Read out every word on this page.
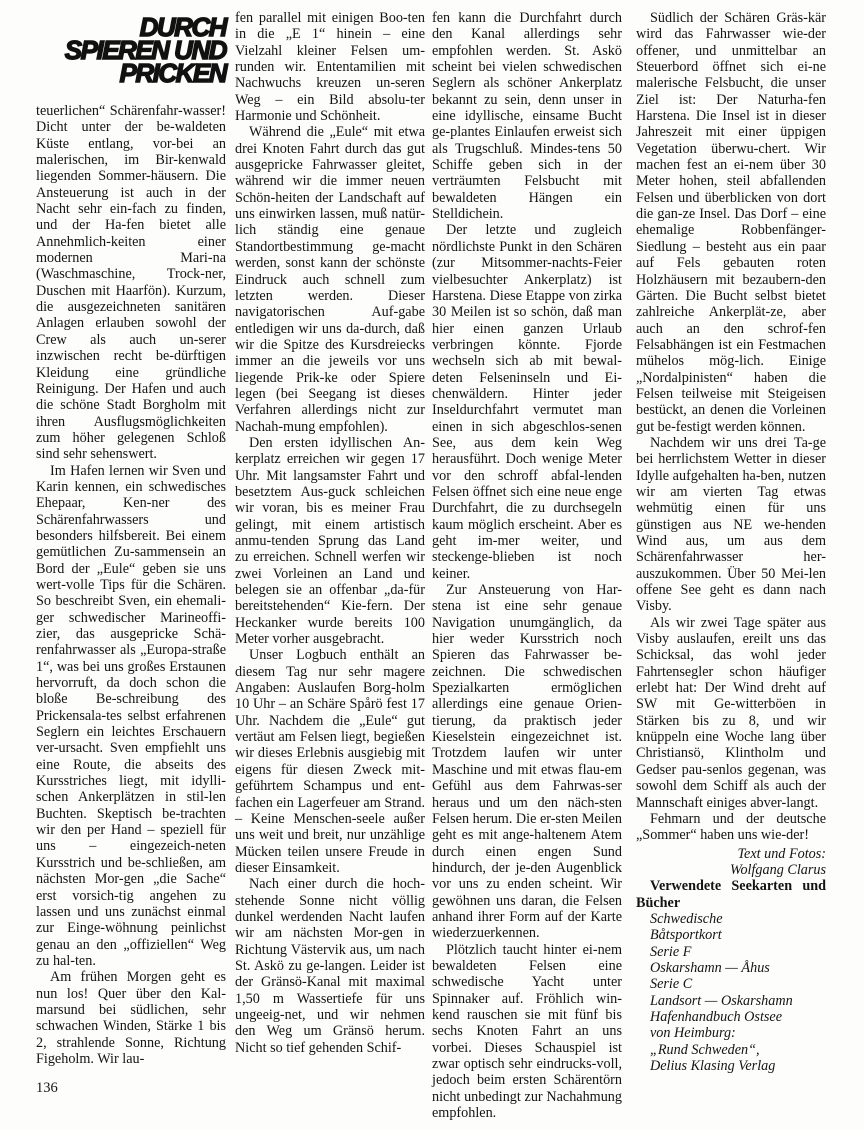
DURCH
SPIEREN UND
PRICKEN

teuerlichen“ Schärenfahr-wasser! Dicht unter der be-waldeten Küste entlang, vor-bei an malerischen, im Bir-kenwald liegenden Sommer-häusern. Die Ansteuerung ist auch in der Nacht sehr ein-fach zu finden, und der Ha-fen bietet alle Annehmlich-keiten einer modernen Mari-na (Waschmaschine, Trock-ner, Duschen mit Haarfön). Kurzum, die ausgezeichneten sanitären Anlagen erlauben sowohl der Crew als auch un-serer inzwischen recht be-dürftigen Kleidung eine gründliche Reinigung. Der Hafen und auch die schöne Stadt Borgholm mit ihren Ausflugsmöglichkeiten zum höher gelegenen Schloß sind sehr sehenswert.

Im Hafen lernen wir Sven und Karin kennen, ein schwedisches Ehepaar, Ken-ner des Schärenfahrwassers und besonders hilfsbereit. Bei einem gemütlichen Zu-sammensein an Bord der „Eule“ geben sie uns wert-volle Tips für die Schären. So beschreibt Sven, ein ehemali-ger schwedischer Marineoffi-zier, das ausgepricke Schä-renfahrwasser als „Europa-straße 1“, was bei uns großes Erstaunen hervorruft, da doch schon die bloße Be-schreibung des Prickensala-tes selbst erfahrenen Seglern ein leichtes Erschauern ver-ursacht. Sven empfiehlt uns eine Route, die abseits des Kursstriches liegt, mit idylli-schen Ankerplätzen in stil-len Buchten. Skeptisch be-trachten wir den per Hand – speziell für uns – eingezeich-neten Kursstrich und be-schließen, am nächsten Mor-gen „die Sache“ erst vorsich-tig angehen zu lassen und uns zunächst einmal zur Einge-wöhnung peinlichst genau an den „offiziellen“ Weg zu hal-ten.

Am frühen Morgen geht es nun los! Quer über den Kal-marsund bei südlichen, sehr schwachen Winden, Stärke 1 bis 2, strahlende Sonne, Richtung Figeholm. Wir lau-

fen parallel mit einigen Boo-ten in die „E 1“ hinein – eine Vielzahl kleiner Felsen um-runden wir. Ententamilien mit Nachwuchs kreuzen un-seren Weg – ein Bild absolu-ter Harmonie und Schönheit.

Während die „Eule“ mit etwa drei Knoten Fahrt durch das gut ausgepricke Fahrwasser gleitet, während wir die immer neuen Schön-heiten der Landschaft auf uns einwirken lassen, muß natür-lich ständig eine genaue Standortbestimmung ge-macht werden, sonst kann der schönste Eindruck auch schnell zum letzten werden. Dieser navigatorischen Auf-gabe entledigen wir uns da-durch, daß wir die Spitze des Kursdreiecks immer an die jeweils vor uns liegende Prik-ke oder Spiere legen (bei Seegang ist dieses Verfahren allerdings nicht zur Nachah-mung empfohlen).

Den ersten idyllischen An-kerplatz erreichen wir gegen 17 Uhr. Mit langsamster Fahrt und besetztem Aus-guck schleichen wir voran, bis es meiner Frau gelingt, mit einem artistisch anmu-tenden Sprung das Land zu erreichen. Schnell werfen wir zwei Vorleinen an Land und belegen sie an offenbar „da-für bereitstehenden“ Kie-fern. Der Heckanker wurde bereits 100 Meter vorher ausgebracht.

Unser Logbuch enthält an diesem Tag nur sehr magere Angaben: Auslaufen Borg-holm 10 Uhr – an Schäre Spårö fest 17 Uhr. Nachdem die „Eule“ gut vertäut am Felsen liegt, begießen wir dieses Erlebnis ausgiebig mit eigens für diesen Zweck mit-geführtem Schampus und ent-fachen ein Lagerfeuer am Strand. – Keine Menschen-seele außer uns weit und breit, nur unzählige Mücken teilen unsere Freude in dieser Einsamkeit.

Nach einer durch die hoch-stehende Sonne nicht völlig dunkel werdenden Nacht laufen wir am nächsten Mor-gen in Richtung Västervik aus, um nach St. Askö zu ge-langen. Leider ist der Gränsö-Kanal mit maximal 1,50 m Wassertiefe für uns ungeeig-net, und wir nehmen den Weg um Gränsö herum. Nicht so tief gehenden Schif-

fen kann die Durchfahrt durch den Kanal allerdings sehr empfohlen werden. St. Askö scheint bei vielen schwedischen Seglern als schöner Ankerplatz bekannt zu sein, denn unser in eine idyllische, einsame Bucht ge-plantes Einlaufen erweist sich als Trugschluß. Mindes-tens 50 Schiffe geben sich in der verträumten Felsbucht mit bewaldeten Hängen ein Stelldichein.

Der letzte und zugleich nördlichste Punkt in den Schären (zur Mitsommer-nachts-Feier vielbesuchter Ankerplatz) ist Harstena. Diese Etappe von zirka 30 Meilen ist so schön, daß man hier einen ganzen Urlaub verbringen könnte. Fjorde wechseln sich ab mit bewal-deten Felseninseln und Ei-chenwäldern. Hinter jeder Inseldurchfahrt vermutet man einen in sich abgeschlos-senen See, aus dem kein Weg herausführt. Doch wenige Meter vor den schroff abfal-lenden Felsen öffnet sich eine neue enge Durchfahrt, die zu durchsegeln kaum möglich erscheint. Aber es geht im-mer weiter, und steckenge-blieben ist noch keiner.

Zur Ansteuerung von Har-stena ist eine sehr genaue Navigation unumgänglich, da hier weder Kursstrich noch Spieren das Fahrwasser be-zeichnen. Die schwedischen Spezialkarten ermöglichen allerdings eine genaue Orien-tierung, da praktisch jeder Kieselstein eingezeichnet ist. Trotzdem laufen wir unter Maschine und mit etwas flau-em Gefühl aus dem Fahrwas-ser heraus und um den näch-sten Felsen herum. Die er-sten Meilen geht es mit ange-haltenem Atem durch einen engen Sund hindurch, der je-den Augenblick vor uns zu enden scheint. Wir gewöhnen uns daran, die Felsen anhand ihrer Form auf der Karte wiederzuerkennen.

Plötzlich taucht hinter ei-nem bewaldeten Felsen eine schwedische Yacht unter Spinnaker auf. Fröhlich win-kend rauschen sie mit fünf bis sechs Knoten Fahrt an uns vorbei. Dieses Schauspiel ist zwar optisch sehr eindrucks-voll, jedoch beim ersten Schärentörn nicht unbedingt zur Nachahmung empfohlen.

Südlich der Schären Gräs-kär wird das Fahrwasser wie-der offener, und unmittelbar an Steuerbord öffnet sich ei-ne malerische Felsbucht, die unser Ziel ist: Der Naturha-fen Harstena. Die Insel ist in dieser Jahreszeit mit einer üppigen Vegetation überwu-chert. Wir machen fest an ei-nem über 30 Meter hohen, steil abfallenden Felsen und überblicken von dort die gan-ze Insel. Das Dorf – eine ehemalige Robbenfänger-Siedlung – besteht aus ein paar auf Fels gebauten roten Holzhäusern mit bezaubern-den Gärten. Die Bucht selbst bietet zahlreiche Ankerplät-ze, aber auch an den schrof-fen Felsabhängen ist ein Festmachen mühelos mög-lich. Einige „Nordalpinisten“ haben die Felsen teilweise mit Steigeisen bestückt, an denen die Vorleinen gut be-festigt werden können.

Nachdem wir uns drei Ta-ge bei herrlichstem Wetter in dieser Idylle aufgehalten ha-ben, nutzen wir am vierten Tag etwas wehmütig einen für uns günstigen aus NE we-henden Wind aus, um aus dem Schärenfahrwasser her-auszukommen. Über 50 Mei-len offene See geht es dann nach Visby.

Als wir zwei Tage später aus Visby auslaufen, ereilt uns das Schicksal, das wohl jeder Fahrtensegler schon häufiger erlebt hat: Der Wind dreht auf SW mit Ge-witterböen in Stärken bis zu 8, und wir knüppeln eine Woche lang über Christiansö, Klintholm und Gedser pau-senlos gegenan, was sowohl dem Schiff als auch der Mannschaft einiges abver-langt.

Fehmarn und der deutsche „Sommer“ haben uns wie-der!

Text und Fotos:
Wolfgang Clarus

Verwendete Seekarten und Bücher

Schwedische

Båtsportkort

Serie F

Oskarshamn — Åhus

Serie C

Landsort — Oskarshamn

Hafenhandbuch Ostsee

von Heimburg:

„Rund Schweden“,

Delius Klasing Verlag

136
